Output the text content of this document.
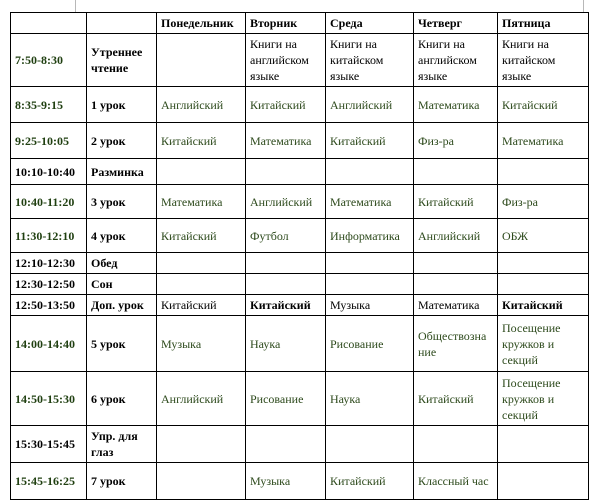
		Понедельник	Вторник	Среда	Четверг	Пятница
7:50-8:30	Утреннее чтение		Книги на английском языке	Книги на китайском языке	Книги на английском языке	Книги на китайском языке
8:35-9:15	1 урок	Английский	Китайский	Английский	Математика	Китайский
9:25-10:05	2 урок	Китайский	Математика	Китайский	Физ-ра	Математика
10:10-10:40	Разминка					
10:40-11:20	3 урок	Математика	Английский	Математика	Китайский	Физ-ра
11:30-12:10	4 урок	Китайский	Футбол	Информатика	Английский	ОБЖ
12:10-12:30	Обед					
12:30-12:50	Сон					
12:50-13:50	Доп. урок	Китайский	Китайский	Музыка	Математика	Китайский
14:00-14:40	5 урок	Музыка	Наука	Рисование	Обществозна ние	Посещение кружков и секций
14:50-15:30	6 урок	Английский	Рисование	Наука	Китайский	Посещение кружков и секций
15:30-15:45	Упр. для глаз					
15:45-16:25	7 урок		Музыка	Китайский	Классный час	
